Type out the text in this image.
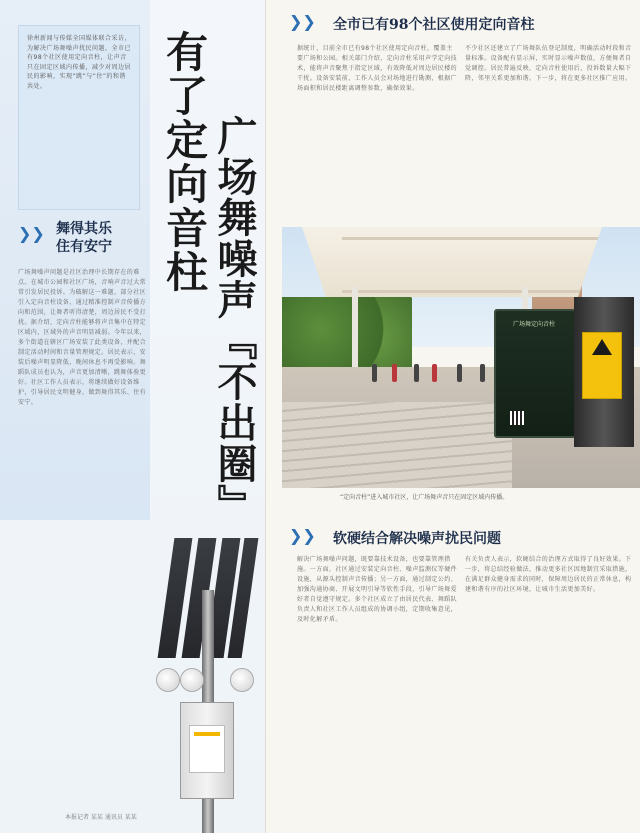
徐州新闻与传媒全国媒体联合采访，为解决广场舞噪声扰民问题，全市已有98个社区使用定向音柱，让声音只在固定区域内传播，减少对周边居民的影响，实现“跳”与“住”的和谐共处。	有了定向音柱 广场舞噪声『不出圈』
❯❯ 舞得其乐
住有安宁
广场舞噪声问题是社区治理中长期存在的难点。在城市公园和社区广场，音响声音过大常常引发居民投诉。为破解这一难题，部分社区引入定向音柱设备，通过精准控制声音传播方向和范围，让舞者听得清楚，周边居民不受打扰。据介绍，定向音柱能够将声音集中在特定区域内，区域外的声音明显减弱。今年以来，多个街道在辖区广场安装了此类设备，并配合制定活动时间和音量管理规定。居民表示，安装后噪声明显降低，晚间休息不再受影响。舞蹈队成员也认为，声音更加清晰，跳舞体验更好。社区工作人员表示，将继续做好设备维护，引导居民文明健身，做到舞得其乐、住有安宁。
本报记者 某某 通讯员 某某
❯❯ 全市已有98个社区使用定向音柱
据统计，目前全市已有98个社区使用定向音柱，覆盖主要广场和公园。相关部门介绍，定向音柱采用声学定向技术，能将声音聚焦于指定区域，有效降低对周边居民楼的干扰。设备安装前，工作人员会对场地进行勘测，根据广场面积和居民楼距离调整参数，确保效果。
不少社区还建立了广场舞队伍登记制度，明确活动时段和音量标准。设备配有显示屏，实时显示噪声数值，方便舞者自觉调控。居民普遍反映，定向音柱使用后，投诉数量大幅下降，邻里关系更加和谐。下一步，将在更多社区推广应用。
❯❯ 软硬结合解决噪声扰民问题
解决广场舞噪声问题，既要靠技术设备，也要靠管理措施。一方面，社区通过安装定向音柱、噪声监测仪等硬件设施，从源头控制声音传播；另一方面，通过制定公约、加强沟通协商、开展文明引导等软性手段，引导广场舞爱好者自觉遵守规定。多个社区成立了由居民代表、舞蹈队负责人和社区工作人员组成的协调小组，定期收集意见，及时化解矛盾。
有关负责人表示，软硬结合的治理方式取得了良好效果。下一步，将总结经验做法，推动更多社区因地制宜采取措施，在满足群众健身需求的同时，保障周边居民的正常休息，构建和谐有序的社区环境，让城市生活更加美好。
广场舞定向音柱
“定向音柱”进入城市社区，让广场舞声音只在固定区域内传播。
